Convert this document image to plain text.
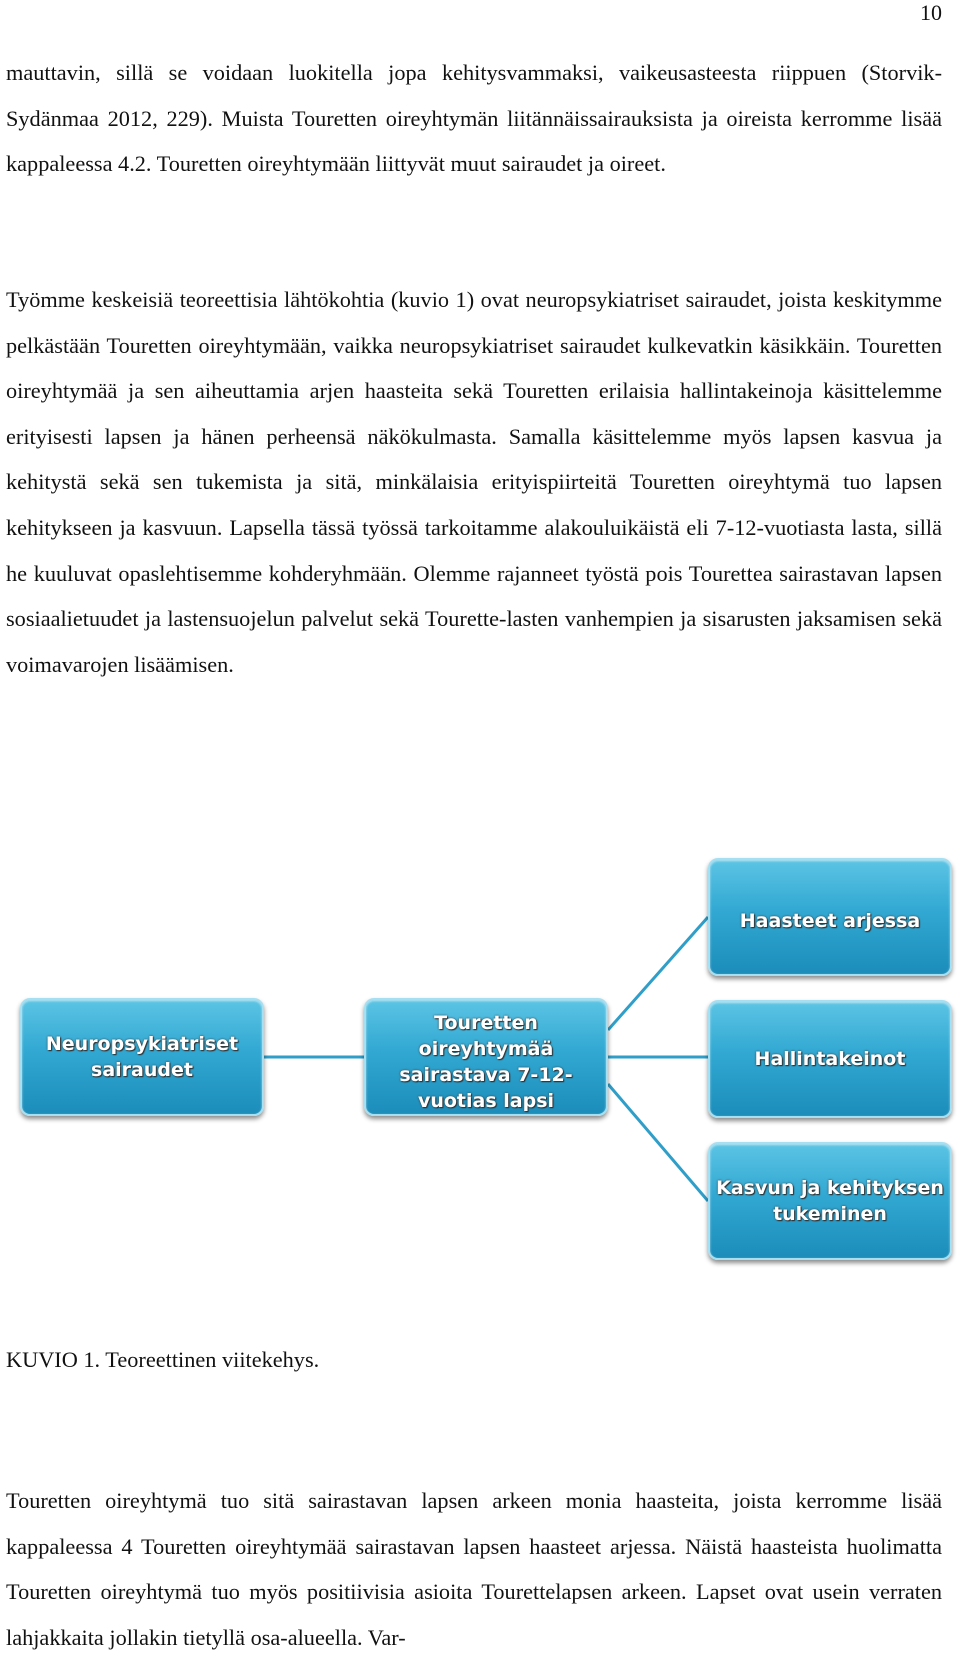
10

mauttavin, sillä se voidaan luokitella jopa kehitysvammaksi, vaikeusasteesta riippuen (Storvik-Sydänmaa 2012, 229). Muista Touretten oireyhtymän liitännäissairauksista ja oireista kerromme lisää kappaleessa 4.2. Touretten oireyhtymään liittyvät muut sairaudet ja oireet.

Työmme keskeisiä teoreettisia lähtökohtia (kuvio 1) ovat neuropsykiatriset sairaudet, joista keskitymme pelkästään Touretten oireyhtymään, vaikka neuropsykiatriset sairaudet kulkevatkin käsikkäin. Touretten oireyhtymää ja sen aiheuttamia arjen haasteita sekä Touretten erilaisia hallintakeinoja käsittelemme erityisesti lapsen ja hänen perheensä näkökulmasta. Samalla käsittelemme myös lapsen kasvua ja kehitystä sekä sen tukemista ja sitä, minkälaisia erityispiirteitä Touretten oireyhtymä tuo lapsen kehitykseen ja kasvuun. Lapsella tässä työssä tarkoitamme alakouluikäistä eli 7-12-vuotiasta lasta, sillä he kuuluvat opaslehtisemme kohderyhmään. Olemme rajanneet työstä pois Tourettea sairastavan lapsen sosiaalietuudet ja lastensuojelun palvelut sekä Tourette-lasten vanhempien ja sisarusten jaksamisen sekä voimavarojen lisäämisen.

Neuropsykiatriset sairaudet
Touretten oireyhtymää sairastava 7-12-vuotias lapsi
Haasteet arjessa
Hallintakeinot
Kasvun ja kehityksen tukeminen

KUVIO 1. Teoreettinen viitekehys.

Touretten oireyhtymä tuo sitä sairastavan lapsen arkeen monia haasteita, joista kerromme lisää kappaleessa 4 Touretten oireyhtymää sairastavan lapsen haasteet arjessa. Näistä haasteista huolimatta Touretten oireyhtymä tuo myös positiivisia asioita Tourettelapsen arkeen. Lapset ovat usein verraten lahjakkaita jollakin tietyllä osa-alueella. Var-
